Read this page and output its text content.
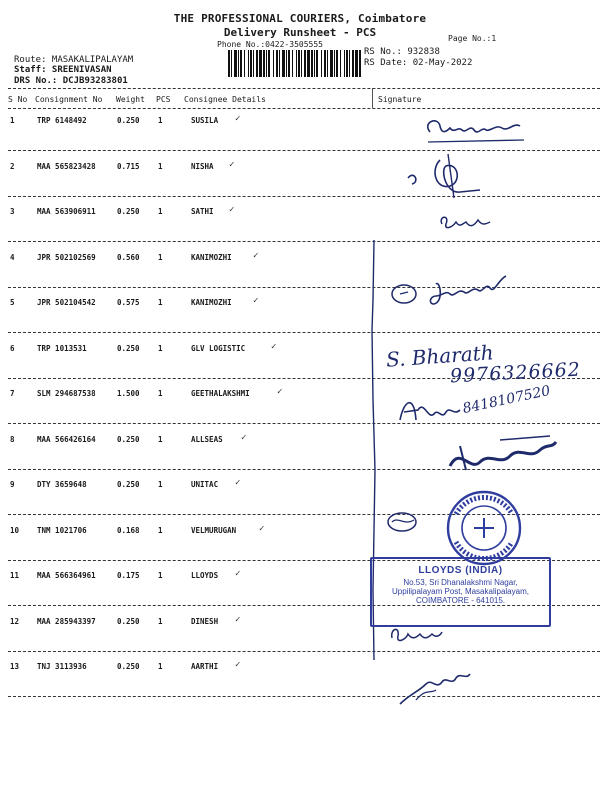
THE PROFESSIONAL COURIERS, Coimbatore
Delivery Runsheet - PCS
Phone No.:0422-3505555
Page No.:1
Route: MASAKALIPALAYAM
Staff: SREENIVASAN
DRS No.: DCJB93283801
RS No.: 932838
RS Date: 02-May-2022
S No Consignment No Weight PCS Consignee Details	Signature
1	TRP 6148492	0.250 1	SUSILA ✓
2	MAA 565823428	0.715 1	NISHA ✓
3	MAA 563906911	0.250 1	SATHI ✓
4	JPR 502102569	0.560 1	KANIMOZHI ✓
5	JPR 502104542	0.575 1	KANIMOZHI ✓
6	TRP 1013531	0.250 1	GLV LOGISTIC	✓
7	SLM 294687538	1.500 1	GEETHALAKSHMI	✓
8	MAA 566426164	0.250 1	ALLSEAS ✓
9	DTY 3659648	0.250 1	UNITAC ✓
10 TNM 1021706	0.168 1	VELMURUGAN	✓
11 MAA 566364961	0.175 1	LLOYDS ✓
12 MAA 285943397	0.250 1	DINESH ✓
13 TNJ 3113936	0.250 1	AARTHI ✓
S. Bharath
9976326662
8418107520
LLOYDS (INDIA)
No.53, Sri Dhanalakshmi Nagar,
Uppilipalayam Post, Masakalipalayam,
COIMBATORE - 641015.
